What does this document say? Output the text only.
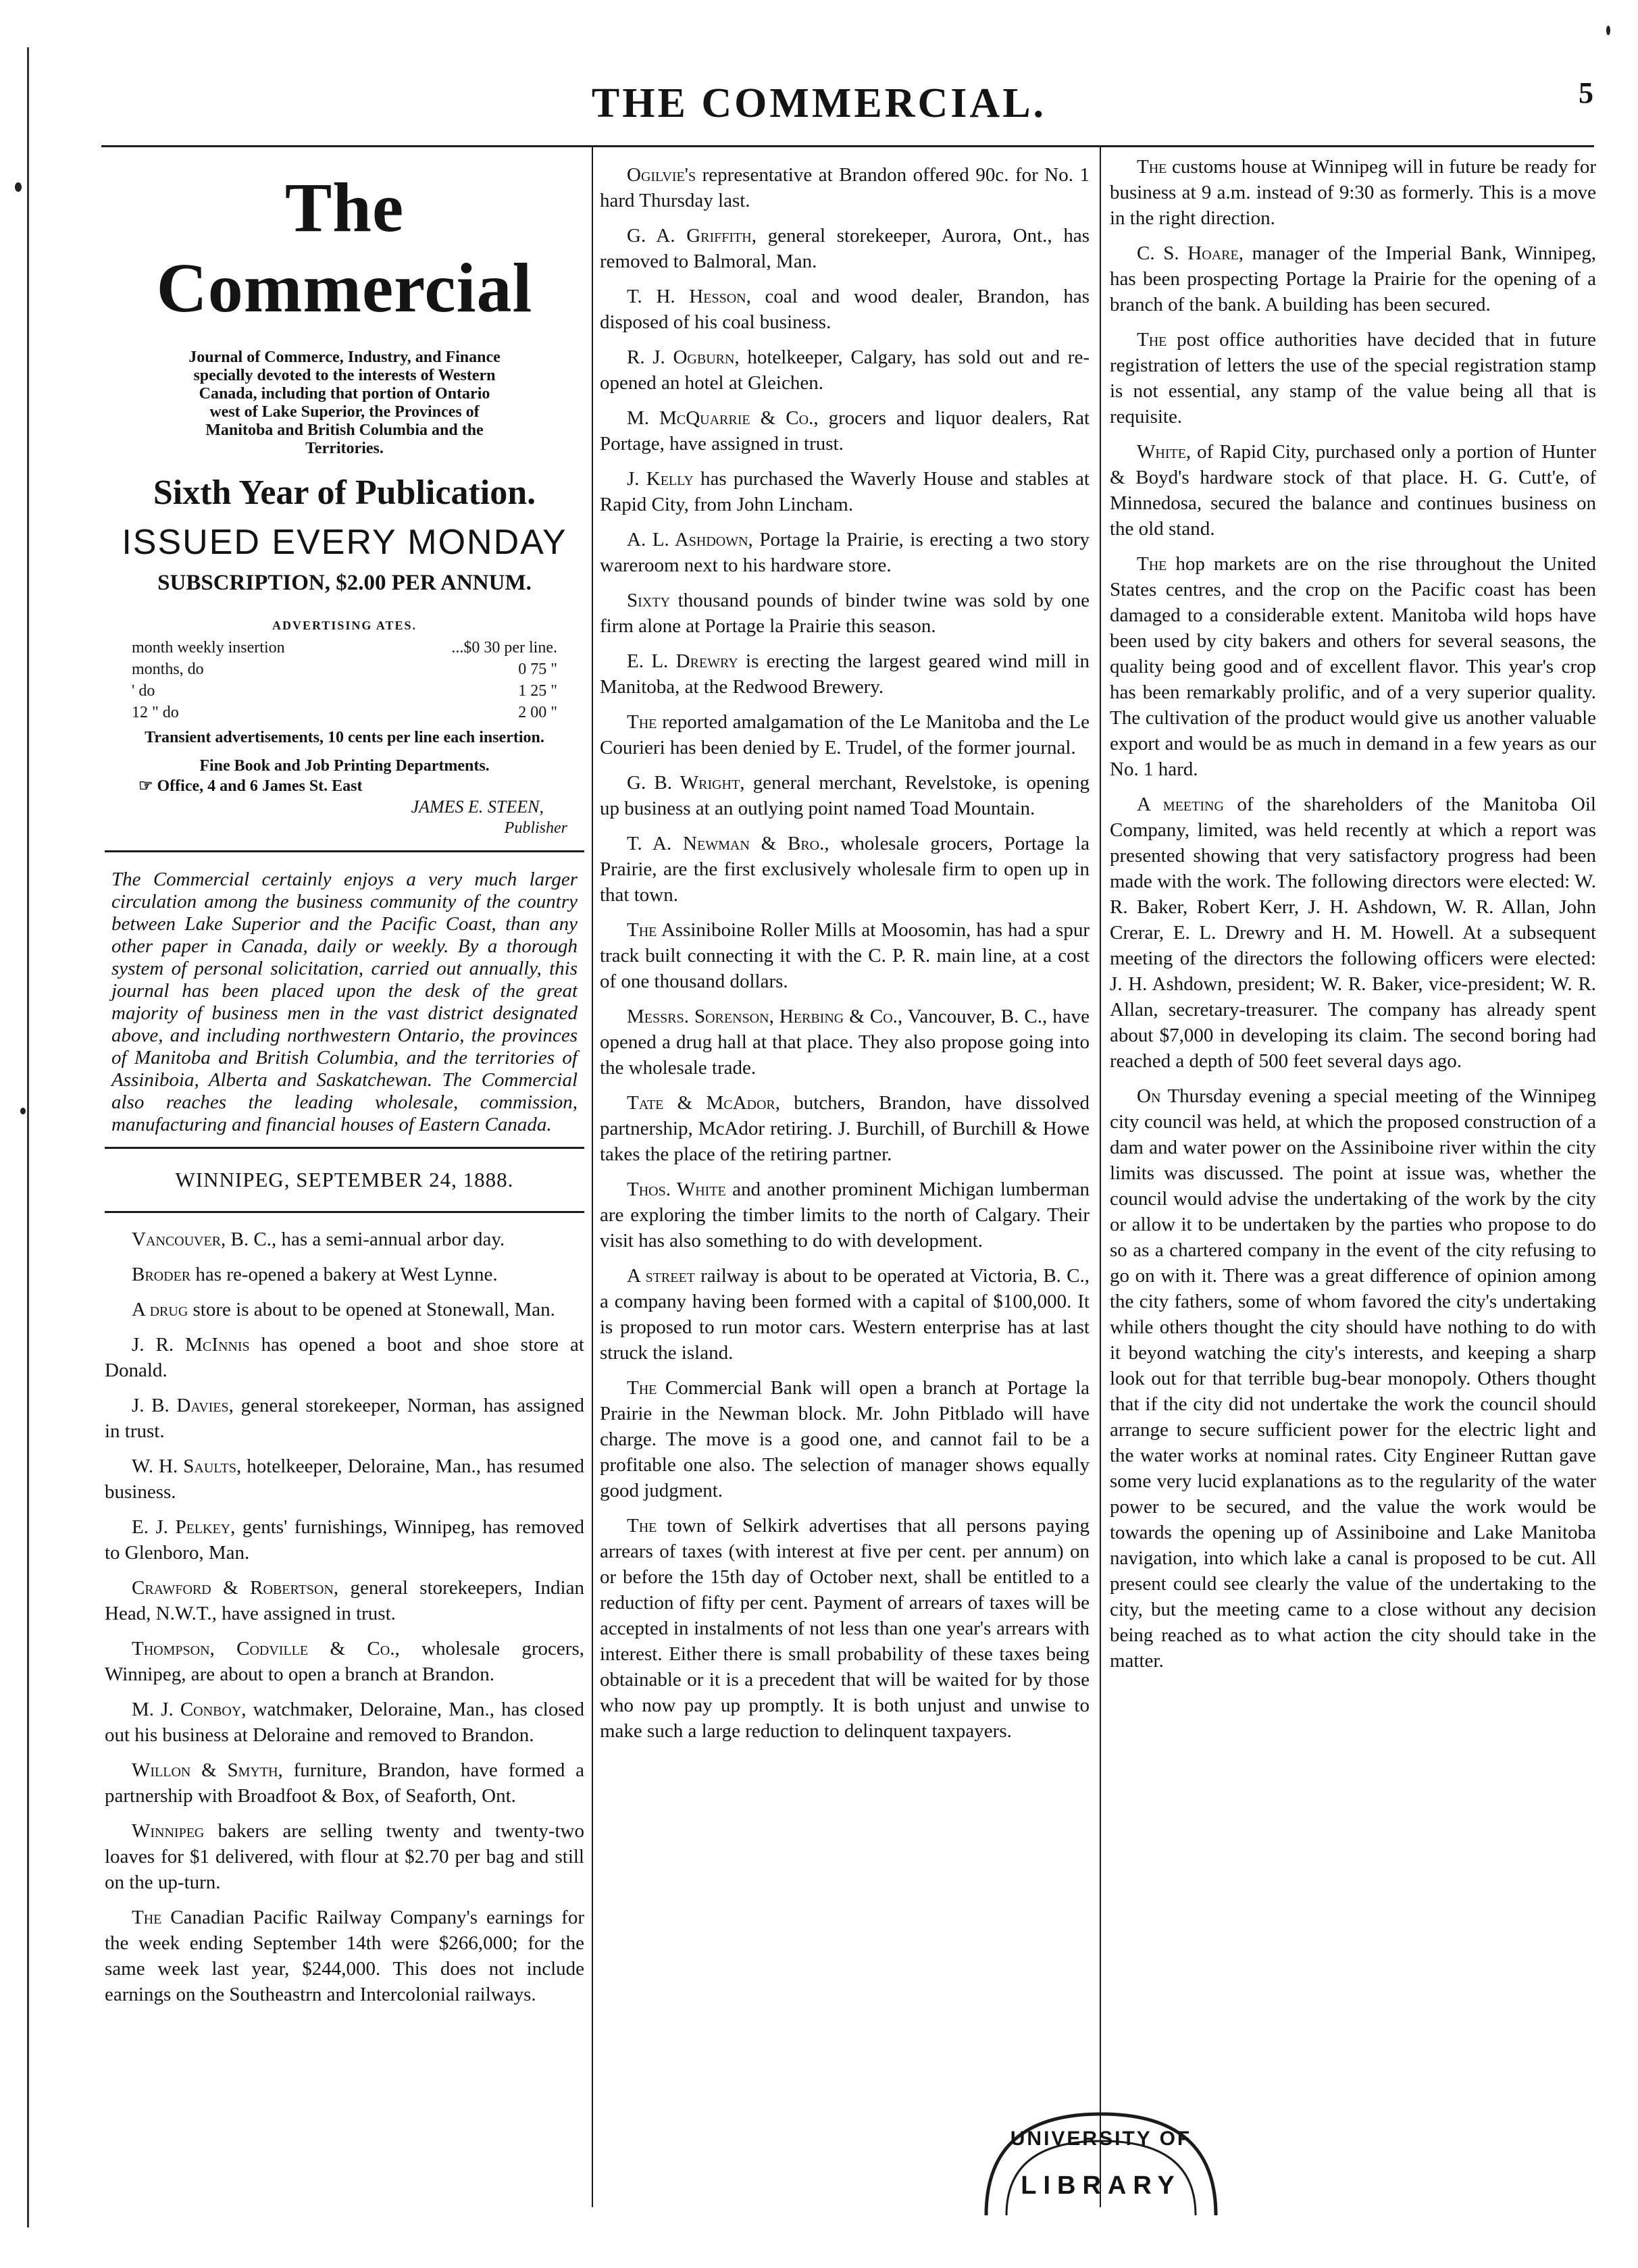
THE COMMERCIAL.	5
The Commercial
Journal of Commerce, Industry, and Finance specially devoted to the interests of Western Canada, including that portion of Ontario west of Lake Superior, the Provinces of Manitoba and British Columbia and the Territories.
Sixth Year of Publication.
ISSUED EVERY MONDAY
SUBSCRIPTION, $2.00 PER ANNUM.
ADVERTISING ATES.
month weekly insertion	...$0 30 per line.
months, do	0 75 "
' do	1 25 "
12 " do	2 00 "
Transient advertisements, 10 cents per line each insertion.
Fine Book and Job Printing Departments.
☞ Office, 4 and 6 James St. East
JAMES E. STEEN,
Publisher
The Commercial certainly enjoys a very much larger circulation among the business community of the country between Lake Superior and the Pacific Coast, than any other paper in Canada, daily or weekly. By a thorough system of personal solicitation, carried out annually, this journal has been placed upon the desk of the great majority of business men in the vast district designated above, and including northwestern Ontario, the provinces of Manitoba and British Columbia, and the territories of Assiniboia, Alberta and Saskatchewan. The Commercial also reaches the leading wholesale, commission, manufacturing and financial houses of Eastern Canada.
WINNIPEG, SEPTEMBER 24, 1888.

Vancouver, B. C., has a semi-annual arbor day.

Broder has re-opened a bakery at West Lynne.

A drug store is about to be opened at Stonewall, Man.

J. R. McInnis has opened a boot and shoe store at Donald.

J. B. Davies, general storekeeper, Norman, has assigned in trust.

W. H. Saults, hotelkeeper, Deloraine, Man., has resumed business.

E. J. Pelkey, gents' furnishings, Winnipeg, has removed to Glenboro, Man.

Crawford & Robertson, general storekeepers, Indian Head, N.W.T., have assigned in trust.

Thompson, Codville & Co., wholesale grocers, Winnipeg, are about to open a branch at Brandon.

M. J. Conboy, watchmaker, Deloraine, Man., has closed out his business at Deloraine and removed to Brandon.

Willon & Smyth, furniture, Brandon, have formed a partnership with Broadfoot & Box, of Seaforth, Ont.

Winnipeg bakers are selling twenty and twenty-two loaves for $1 delivered, with flour at $2.70 per bag and still on the up-turn.

The Canadian Pacific Railway Company's earnings for the week ending September 14th were $266,000; for the same week last year, $244,000. This does not include earnings on the Southeastrn and Intercolonial railways.

Ogilvie's representative at Brandon offered 90c. for No. 1 hard Thursday last.

G. A. Griffith, general storekeeper, Aurora, Ont., has removed to Balmoral, Man.

T. H. Hesson, coal and wood dealer, Brandon, has disposed of his coal business.

R. J. Ogburn, hotelkeeper, Calgary, has sold out and re-opened an hotel at Gleichen.

M. McQuarrie & Co., grocers and liquor dealers, Rat Portage, have assigned in trust.

J. Kelly has purchased the Waverly House and stables at Rapid City, from John Lincham.

A. L. Ashdown, Portage la Prairie, is erecting a two story wareroom next to his hardware store.

Sixty thousand pounds of binder twine was sold by one firm alone at Portage la Prairie this season.

E. L. Drewry is erecting the largest geared wind mill in Manitoba, at the Redwood Brewery.

The reported amalgamation of the Le Manitoba and the Le Courieri has been denied by E. Trudel, of the former journal.

G. B. Wright, general merchant, Revelstoke, is opening up business at an outlying point named Toad Mountain.

T. A. Newman & Bro., wholesale grocers, Portage la Prairie, are the first exclusively wholesale firm to open up in that town.

The Assiniboine Roller Mills at Moosomin, has had a spur track built connecting it with the C. P. R. main line, at a cost of one thousand dollars.

Messrs. Sorenson, Herbing & Co., Vancouver, B. C., have opened a drug hall at that place. They also propose going into the wholesale trade.

Tate & McAdor, butchers, Brandon, have dissolved partnership, McAdor retiring. J. Burchill, of Burchill & Howe takes the place of the retiring partner.

Thos. White and another prominent Michigan lumberman are exploring the timber limits to the north of Calgary. Their visit has also something to do with development.

A street railway is about to be operated at Victoria, B. C., a company having been formed with a capital of $100,000. It is proposed to run motor cars. Western enterprise has at last struck the island.

The Commercial Bank will open a branch at Portage la Prairie in the Newman block. Mr. John Pitblado will have charge. The move is a good one, and cannot fail to be a profitable one also. The selection of manager shows equally good judgment.

The town of Selkirk advertises that all persons paying arrears of taxes (with interest at five per cent. per annum) on or before the 15th day of October next, shall be entitled to a reduction of fifty per cent. Payment of arrears of taxes will be accepted in instalments of not less than one year's arrears with interest. Either there is small probability of these taxes being obtainable or it is a precedent that will be waited for by those who now pay up promptly. It is both unjust and unwise to make such a large reduction to delinquent taxpayers.

The customs house at Winnipeg will in future be ready for business at 9 a.m. instead of 9:30 as formerly. This is a move in the right direction.

C. S. Hoare, manager of the Imperial Bank, Winnipeg, has been prospecting Portage la Prairie for the opening of a branch of the bank. A building has been secured.

The post office authorities have decided that in future registration of letters the use of the special registration stamp is not essential, any stamp of the value being all that is requisite.

White, of Rapid City, purchased only a portion of Hunter & Boyd's hardware stock of that place. H. G. Cutt'e, of Minnedosa, secured the balance and continues business on the old stand.

The hop markets are on the rise throughout the United States centres, and the crop on the Pacific coast has been damaged to a considerable extent. Manitoba wild hops have been used by city bakers and others for several seasons, the quality being good and of excellent flavor. This year's crop has been remarkably prolific, and of a very superior quality. The cultivation of the product would give us another valuable export and would be as much in demand in a few years as our No. 1 hard.

A meeting of the shareholders of the Manitoba Oil Company, limited, was held recently at which a report was presented showing that very satisfactory progress had been made with the work. The following directors were elected: W. R. Baker, Robert Kerr, J. H. Ashdown, W. R. Allan, John Crerar, E. L. Drewry and H. M. Howell. At a subsequent meeting of the directors the following officers were elected: J. H. Ashdown, president; W. R. Baker, vice-president; W. R. Allan, secretary-treasurer. The company has already spent about $7,000 in developing its claim. The second boring had reached a depth of 500 feet several days ago.

On Thursday evening a special meeting of the Winnipeg city council was held, at which the proposed construction of a dam and water power on the Assiniboine river within the city limits was discussed. The point at issue was, whether the council would advise the undertaking of the work by the city or allow it to be undertaken by the parties who propose to do so as a chartered company in the event of the city refusing to go on with it. There was a great difference of opinion among the city fathers, some of whom favored the city's undertaking while others thought the city should have nothing to do with it beyond watching the city's interests, and keeping a sharp look out for that terrible bug-bear monopoly. Others thought that if the city did not undertake the work the council should arrange to secure sufficient power for the electric light and the water works at nominal rates. City Engineer Ruttan gave some very lucid explanations as to the regularity of the water power to be secured, and the value the work would be towards the opening up of Assiniboine and Lake Manitoba navigation, into which lake a canal is proposed to be cut. All present could see clearly the value of the undertaking to the city, but the meeting came to a close without any decision being reached as to what action the city should take in the matter.

UNIVERSITY OF
LIBRARY
